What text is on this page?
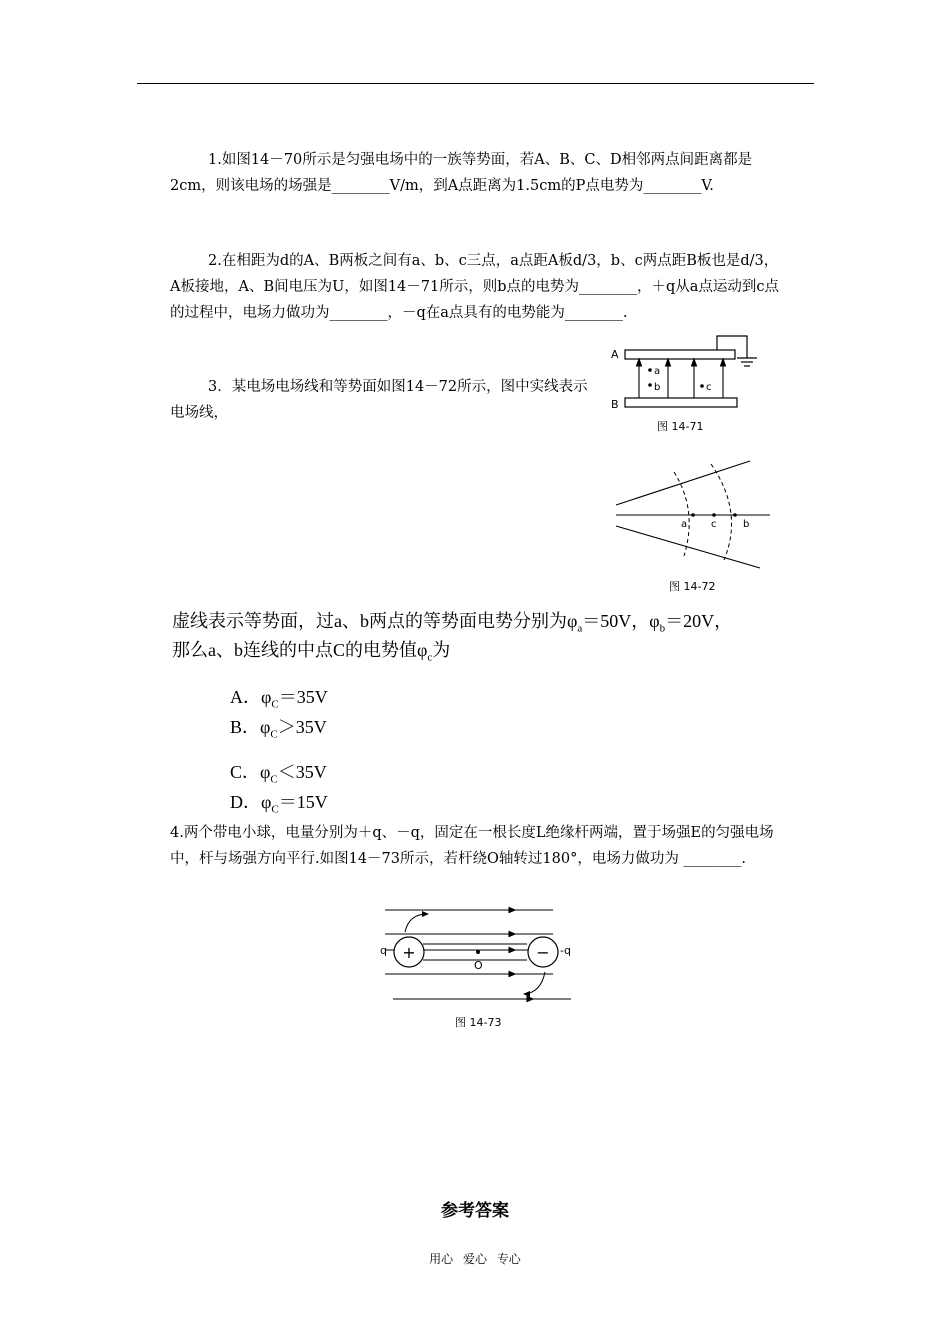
1.如图14－70所示是匀强电场中的一族等势面，若A、B、C、D相邻两点间距离都是2cm，则该电场的场强是________V/m，到A点距离为1.5cm的P点电势为________V.

2.在相距为d的A、B两板之间有a、b、c三点，a点距A板d/3，b、c两点距B板也是d/3，A板接地，A、B间电压为U，如图14－71所示，则b点的电势为________，＋q从a点运动到c点的过程中，电场力做功为________，－q在a点具有的电势能为________.

3．某电场电场线和等势面如图14－72所示，图中实线表示电场线，

A
B
a
b	c
图 14-71
a c	b
图 14-72

虚线表示等势面，过a、b两点的等势面电势分别为$\varphi_a=50V$，$\varphi_b=20V$，

那么a、b连线的中点C的电势值$\varphi_c$为

A．$\varphi_C=35V$

B．$\varphi_C>35V$

C．$\varphi_C<35V$

D．$\varphi_C=15V$

4.两个带电小球，电量分别为＋q、－q，固定在一根长度L绝缘杆两端，置于场强E的匀强电场中，杆与场强方向平行.如图14－73所示，若杆绕O轴转过180°，电场力做功为 ________.

+	−
q	-q
O
图 14-73
参考答案
用心 爱心 专心
